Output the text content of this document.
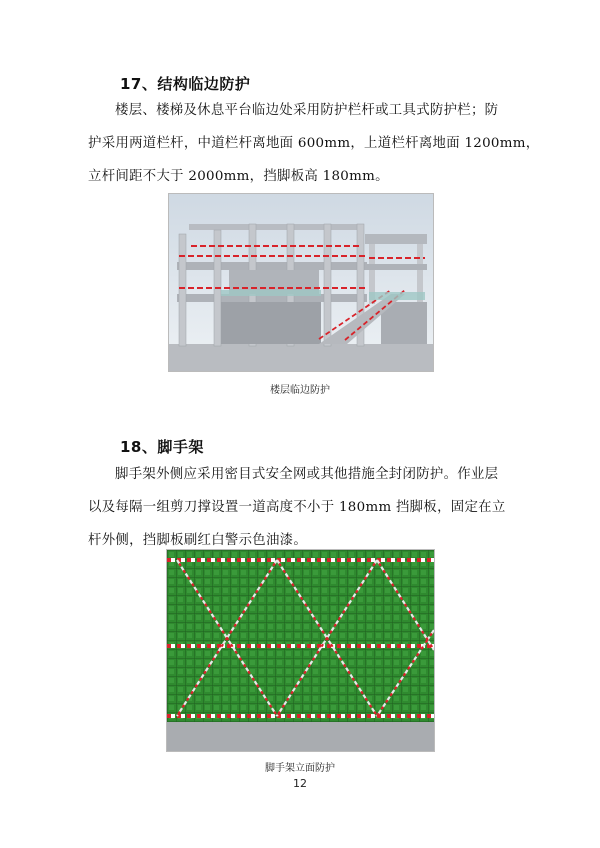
17、结构临边防护
楼层、楼梯及休息平台临边处采用防护栏杆或工具式防护栏；防
护采用两道栏杆，中道栏杆离地面 600mm，上道栏杆离地面 1200mm，
立杆间距不大于 2000mm，挡脚板高 180mm。
楼层临边防护
18、脚手架
脚手架外侧应采用密目式安全网或其他措施全封闭防护。作业层
以及每隔一组剪刀撑设置一道高度不小于 180mm 挡脚板，固定在立
杆外侧，挡脚板刷红白警示色油漆。
脚手架立面防护
12
